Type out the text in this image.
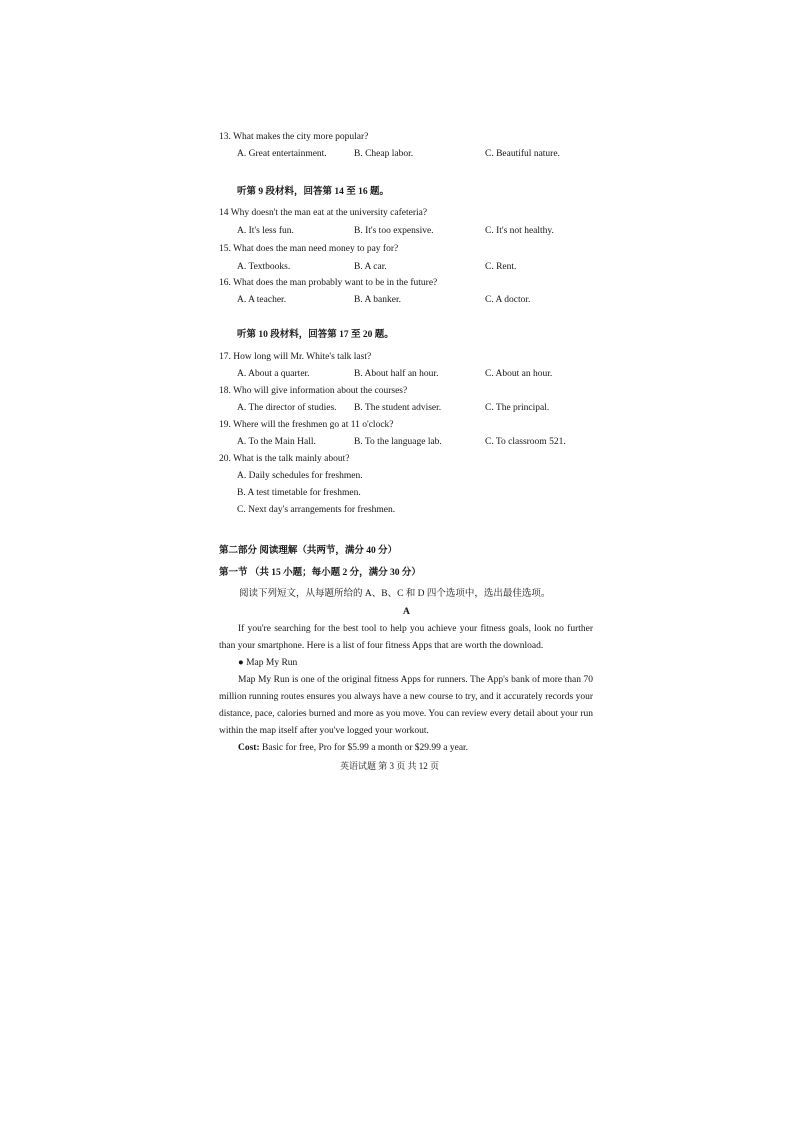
13. What makes the city more popular?
A. Great entertainment.	B. Cheap labor.	C. Beautiful nature.
听第 9 段材料，回答第 14 至 16 题。
14 Why doesn't the man eat at the university cafeteria?
A. It's less fun.	B. It's too expensive.	C. It's not healthy.
15. What does the man need money to pay for?
A. Textbooks.	B. A car.	C. Rent.
16. What does the man probably want to be in the future?
A. A teacher.	B. A banker.	C. A doctor.
听第 10 段材料，回答第 17 至 20 题。
17. How long will Mr. White's talk last?
A. About a quarter.	B. About half an hour.	C. About an hour.
18. Who will give information about the courses?
A. The director of studies. B. The student adviser.	C. The principal.
19. Where will the freshmen go at 11 o'clock?
A. To the Main Hall.	B. To the language lab.	C. To classroom 521.
20. What is the talk mainly about?
A. Daily schedules for freshmen.
B. A test timetable for freshmen.
C. Next day's arrangements for freshmen.
第二部分 阅读理解（共两节，满分 40 分）
第一节 （共 15 小题；每小题 2 分，满分 30 分）
阅读下列短文，从每题所给的 A、B、C 和 D 四个选项中，选出最佳选项。
A

If you're searching for the best tool to help you achieve your fitness goals, look no further than your smartphone. Here is a list of four fitness Apps that are worth the download.

● Map My Run

Map My Run is one of the original fitness Apps for runners. The App's bank of more than 70 million running routes ensures you always have a new course to try, and it accurately records your distance, pace, calories burned and more as you move. You can review every detail about your run within the map itself after you've logged your workout.

Cost: Basic for free, Pro for $5.99 a month or $29.99 a year.

英语试题 第 3 页 共 12 页
